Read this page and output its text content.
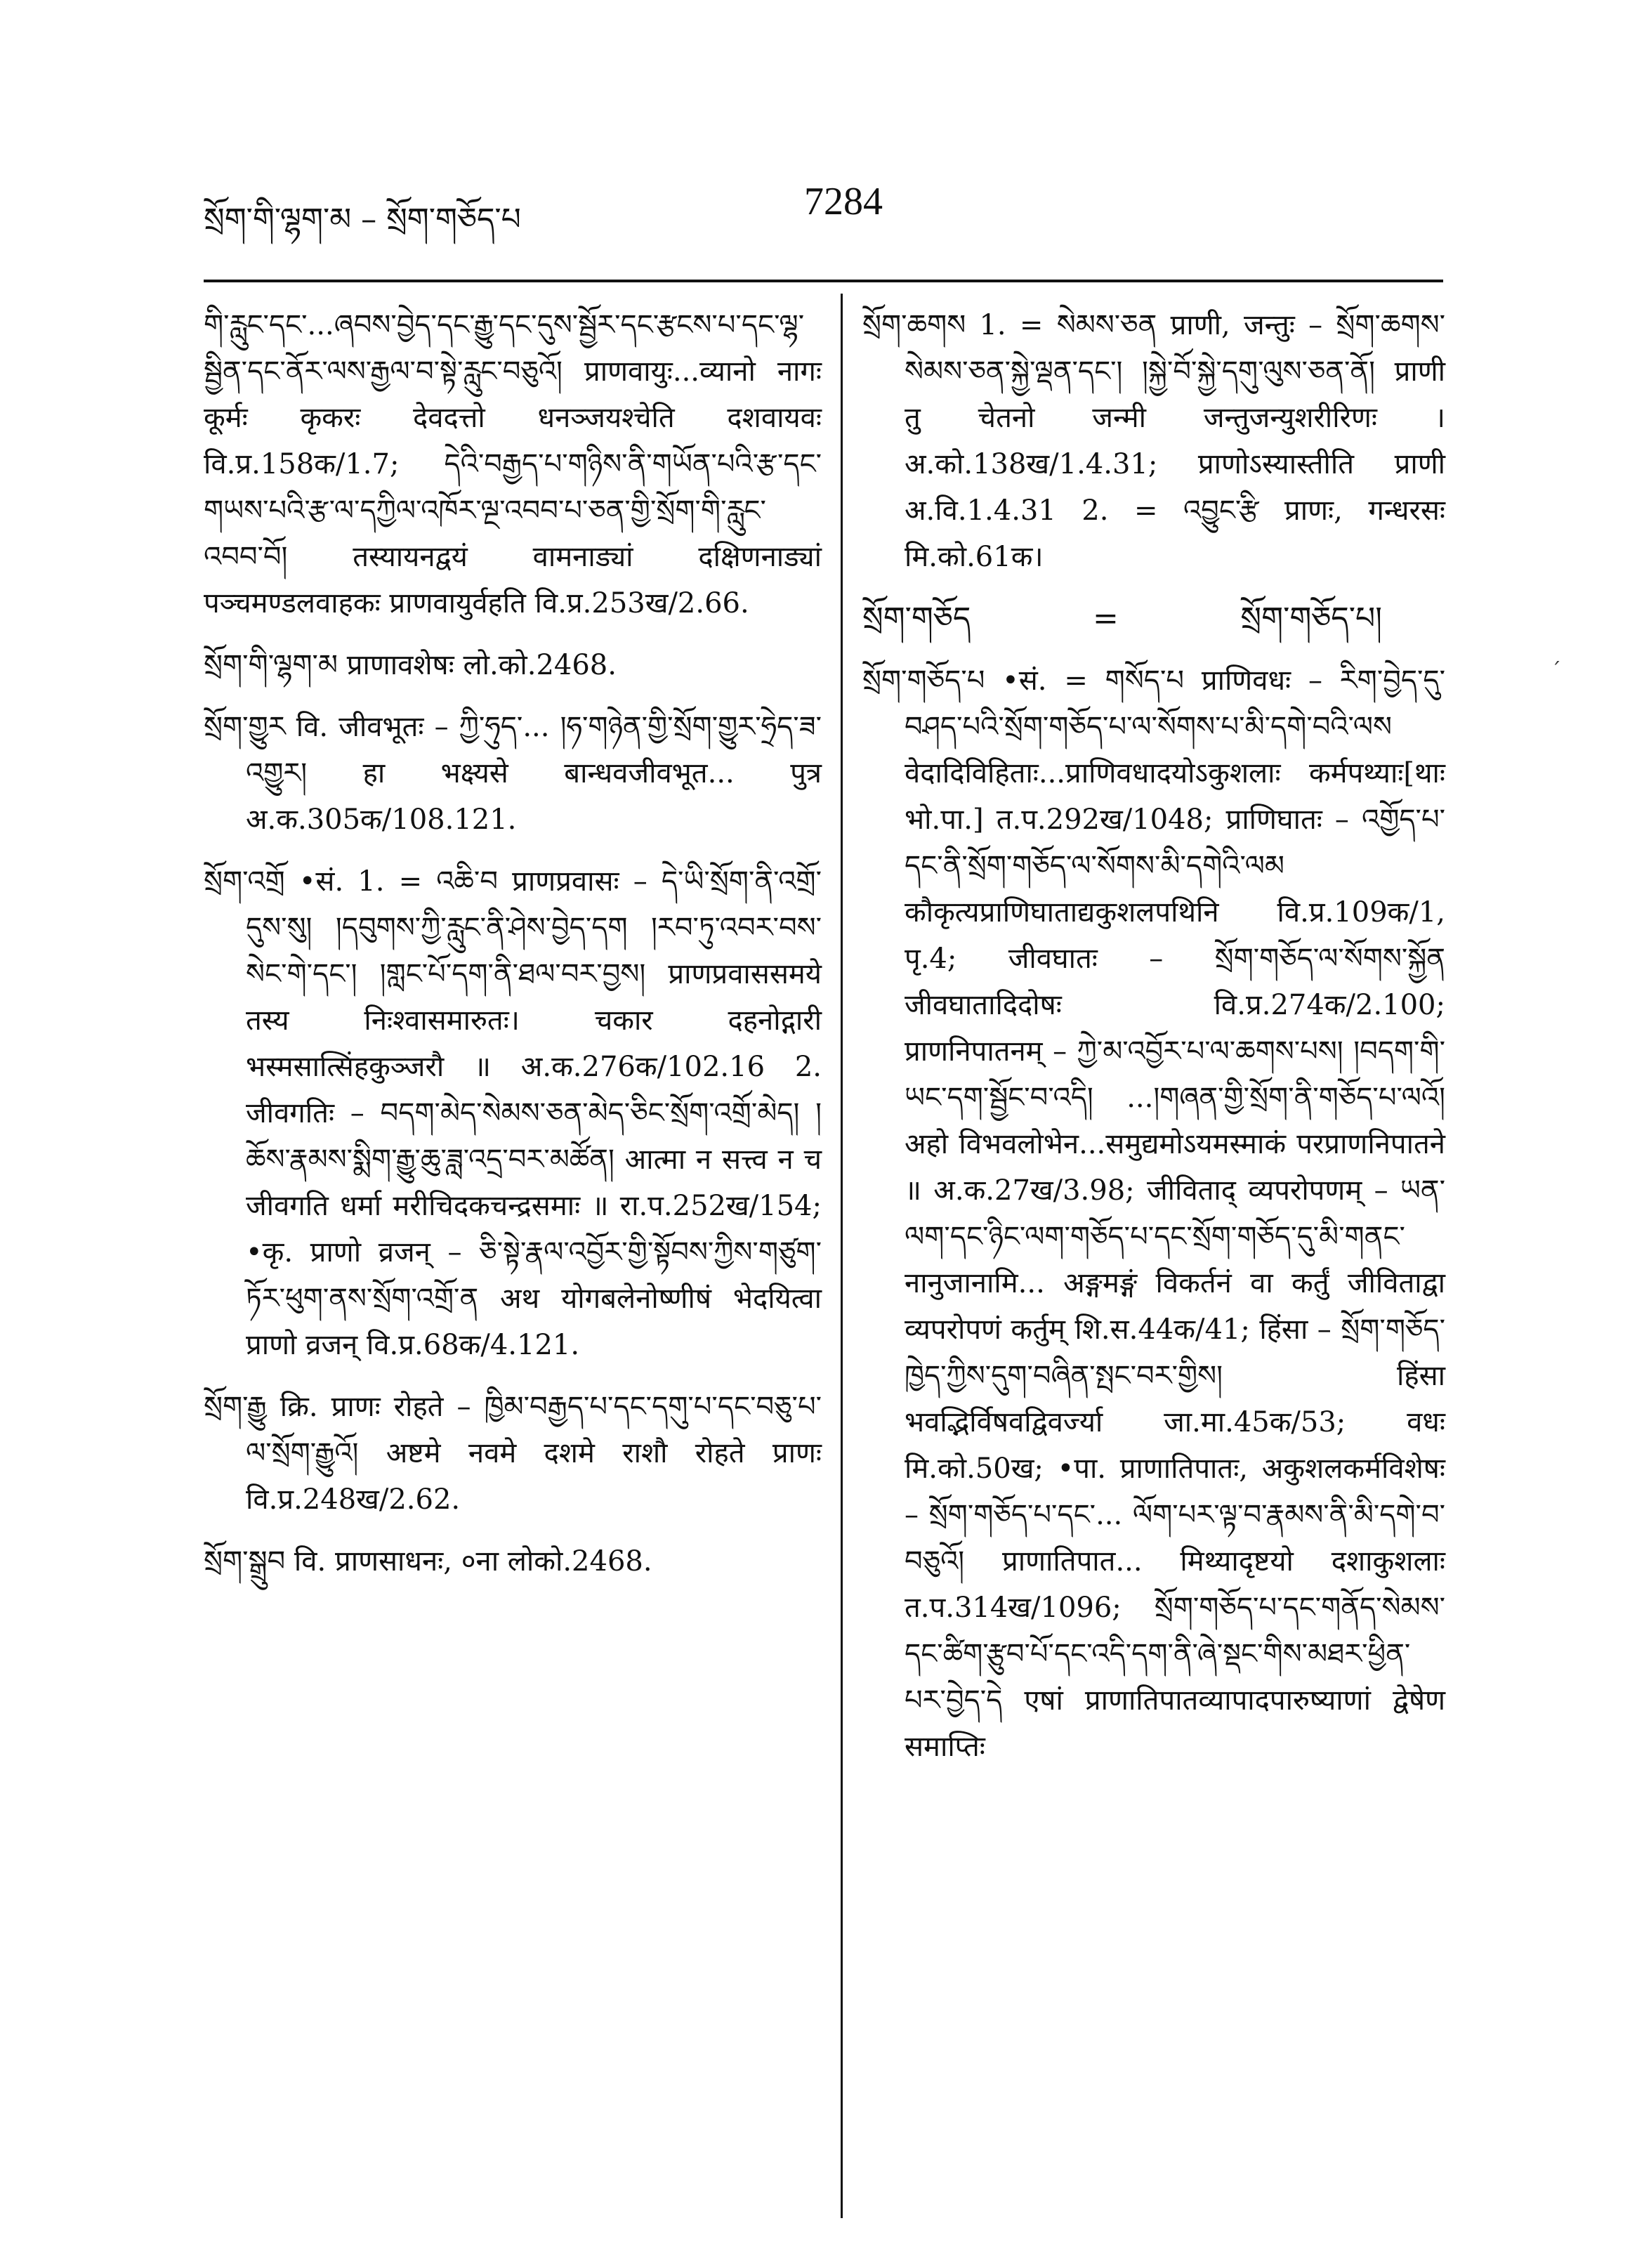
སྲོག་གི་ལྷག་མ – སྲོག་གཅོད་པ	7284

གི་རླུང་དང་...ཞབས་བྱེད་དང་རྒྱུ་དང་དུས་སྦྱོར་དང་རྩངས་པ་དང་ལྷ་སྦྱིན་དང་ནོར་ལས་རྒྱལ་བ་སྟེ་རླུང་བཅུའོ། प्राणवायुः...व्यानो नागः कूर्मः कृकरः देवदत्तो धनञ्जयश्चेति दशवायवः वि.प्र.158क/1.7; དེའི་བརྒྱད་པ་གཉིས་ནི་གཡོན་པའི་རྩ་དང་གཡས་པའི་རྩ་ལ་དཀྱིལ་འཁོར་ལྔ་འབབ་པ་ཅན་གྱི་སྲོག་གི་རླུང་འབབ་བོ། तस्यायनद्वयं वामनाड्यां दक्षिणनाड्यां पञ्चमण्डलवाहकः प्राणवायुर्वहति वि.प्र.253ख/2.66.

སྲོག་གི་ལྷག་མ प्राणावशेषः लो.को.2468.

སྲོག་གྱུར वि. जीवभूतः – ཀྱི་ཧུད་... །ཧ་གཉེན་གྱི་སྲོག་གྱུར་ཧྲེད་ཟ་འགྱུར། हा भक्ष्यसे बान्धवजीवभूत... पुत्र अ.क.305क/108.121.

སྲོག་འགྲོ •सं. 1. = འཆི་བ प्राणप्रवासः – དེ་ཡི་སྲོག་ནི་འགྲོ་དུས་སུ། །དབུགས་ཀྱི་རླུང་ནི་ཤེས་བྱེད་དག །རབ་ཏུ་འབར་བས་སེང་གེ་དང་། །གླང་པོ་དག་ནི་ཐལ་བར་བྱས། प्राणप्रवाससमये तस्य निःश्वासमारुतः। चकार दहनोद्गारी भस्मसात्सिंहकुञ्जरौ ॥ अ.क.276क/102.16 2. जीवगतिः – བདག་མེད་སེམས་ཅན་མེད་ཅིང་སྲོག་འགྲོ་མེད། །ཆོས་རྣམས་སྨིག་རྒྱུ་ཆུ་ཟླ་འདྲ་བར་མཚོན། आत्मा न सत्त्व न च जीवगति धर्मा मरीचिदकचन्द्रसमाः ॥ रा.प.252ख/154; •कृ. प्राणो व्रजन् – ཅི་སྟེ་རྣལ་འབྱོར་གྱི་སྟོབས་ཀྱིས་གཙུག་ཏོར་ཕུག་ནས་སྲོག་འགྲོ་ན अथ योगबलेनोष्णीषं भेदयित्वा प्राणो व्रजन् वि.प्र.68क/4.121.

སྲོག་རྒྱུ क्रि. प्राणः रोहते – ཁྱིམ་བརྒྱད་པ་དང་དགུ་པ་དང་བཅུ་པ་ལ་སྲོག་རྒྱུའོ། अष्टमे नवमे दशमे राशौ रोहते प्राणः वि.प्र.248ख/2.62.

སྲོག་སྒྲུབ वि. प्राणसाधनः, ०ना लोको.2468.

སྲོག་ཆགས 1. = སེམས་ཅན प्राणी, जन्तुः – སྲོག་ཆགས་སེམས་ཅན་སྐྱེ་ལྡན་དང་། །སྐྱེ་བོ་སྐྱེ་དགུ་ལུས་ཅན་ནོ། प्राणी तु चेतनो जन्मी जन्तुजन्युशरीरिणः । अ.को.138ख/1.4.31; प्राणोऽस्यास्तीति प्राणी अ.वि.1.4.31 2. = འབྱུང་རྩི प्राणः, गन्धरसः मि.को.61क।

སྲོག་གཅོད	=	སྲོག་གཅོད་པ།

སྲོག་གཅོད་པ •सं. = གསོད་པ प्राणिवधः – རིག་བྱེད་དུ་བཤད་པའི་སྲོག་གཅོད་པ་ལ་སོགས་པ་མི་དགེ་བའི་ལས वेदादिविहिताः...प्राणिवधादयोऽकुशलाः कर्मपथ्याः[थाः भो.पा.] त.प.292ख/1048; प्राणिघातः – འགྱོད་པ་དང་ནི་སྲོག་གཅོད་ལ་སོགས་མི་དགེའི་ལམ कौकृत्यप्राणिघाताद्यकुशलपथिनि वि.प्र.109क/1, पृ.4; जीवघातः – སྲོག་གཅོད་ལ་སོགས་སྐྱོན जीवघातादिदोषः वि.प्र.274क/2.100; प्राणनिपातनम् – ཀྱེ་མ་འབྱོར་པ་ལ་ཆགས་པས། །བདག་གི་ཡང་དག་སྦྱོང་བ་འདི། ...།གཞན་གྱི་སྲོག་ནི་གཅོད་པ་ལའོ། अहो विभवलोभेन...समुद्यमोऽयमस्माकं परप्राणनिपातने ॥ अ.क.27ख/3.98; जीविताद् व्यपरोपणम् – ཡན་ལག་དང་ཉིང་ལག་གཅོད་པ་དང་སྲོག་གཅོད་དུ་མི་གནང་ नानुजानामि... अङ्गमङ्गं विकर्तनं वा कर्तुं जीविताद्वा व्यपरोपणं कर्तुम् शि.स.44क/41; हिंसा – སྲོག་གཅོད་ཁྱེད་ཀྱིས་དུག་བཞིན་སྤང་བར་གྱིས། हिंसा भवद्भिर्विषवद्विवर्ज्या जा.मा.45क/53; वधः मि.को.50ख; •पा. प्राणातिपातः, अकुशलकर्मविशेषः – སྲོག་གཅོད་པ་དང་... ལོག་པར་ལྟ་བ་རྣམས་ནི་མི་དགེ་བ་བཅུའོ། प्राणातिपात... मिथ्यादृष्टयो दशाकुशलाः त.प.314ख/1096; སྲོག་གཅོད་པ་དང་གནོད་སེམས་དང་ཚིག་རྩུབ་པོ་དང་འདི་དག་ནི་ཞེ་སྡང་གིས་མཐར་ཕྱིན་པར་བྱེད་དེ एषां प्राणातिपातव्यापादपारुष्याणां द्वेषेण समाप्तिः

ˊ
